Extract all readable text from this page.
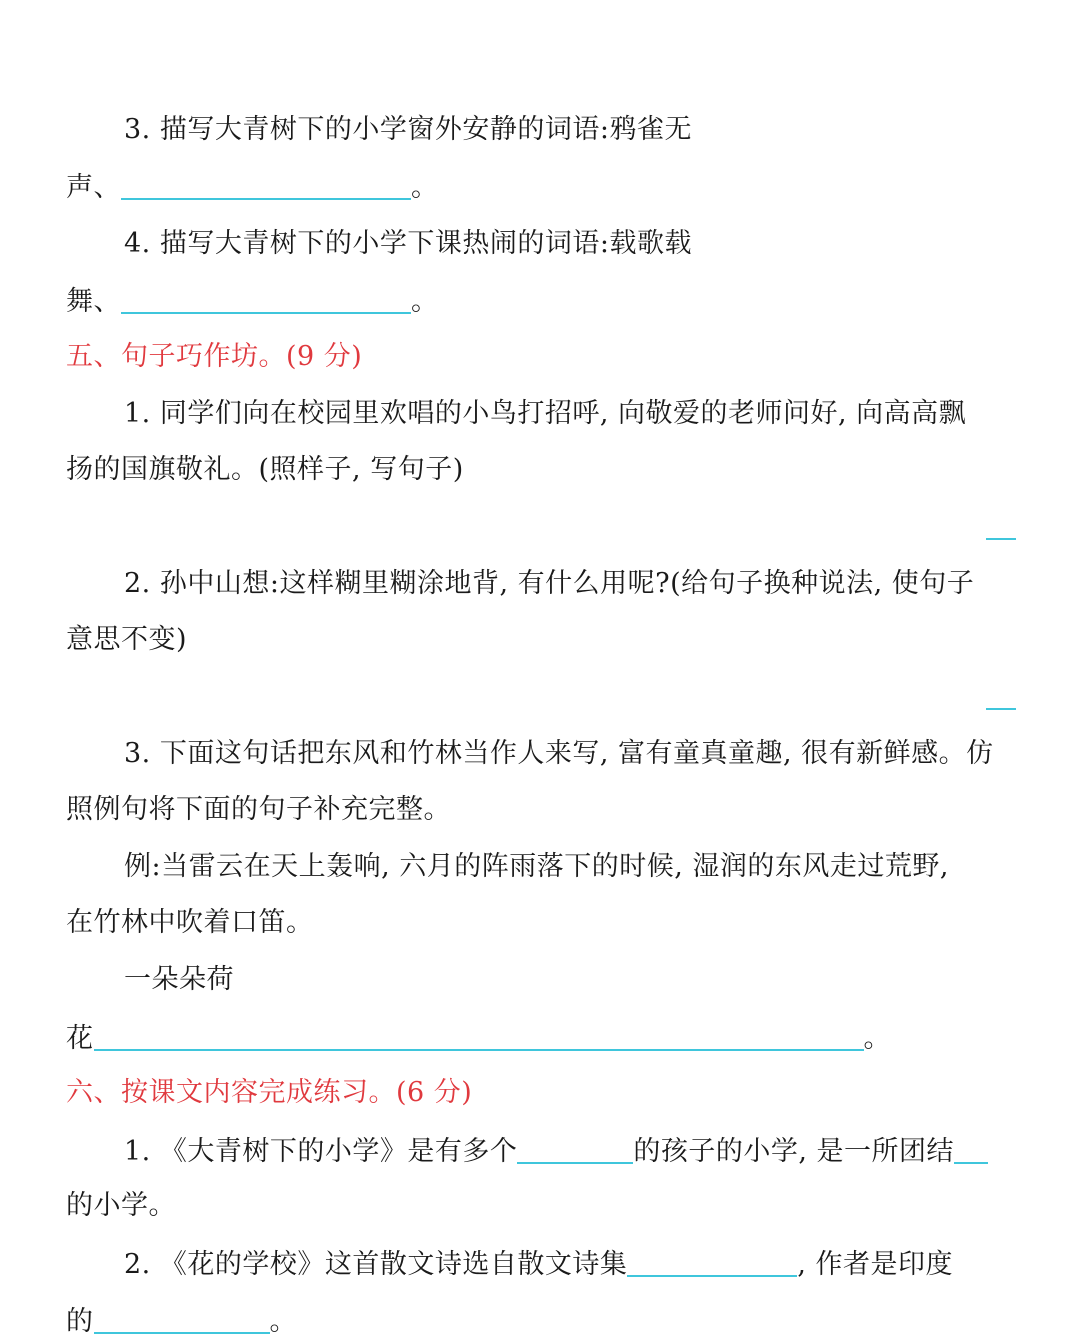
3. 描写大青树下的小学窗外安静的词语:鸦雀无
声、	。
4. 描写大青树下的小学下课热闹的词语:载歌载
舞、	。
五、句子巧作坊。(9 分)
1. 同学们向在校园里欢唱的小鸟打招呼, 向敬爱的老师问好, 向高高飘
扬的国旗敬礼。(照样子, 写句子)
2. 孙中山想:这样糊里糊涂地背, 有什么用呢?(给句子换种说法, 使句子
意思不变)
3. 下面这句话把东风和竹林当作人来写, 富有童真童趣, 很有新鲜感。仿
照例句将下面的句子补充完整。
例:当雷云在天上轰响, 六月的阵雨落下的时候, 湿润的东风走过荒野,
在竹林中吹着口笛。
一朵朵荷
花	。
六、按课文内容完成练习。(6 分)
1. 《大青树下的小学》是有多个	的孩子的小学, 是一所团结
的小学。
2. 《花的学校》这首散文诗选自散文诗集	, 作者是印度
的	。
